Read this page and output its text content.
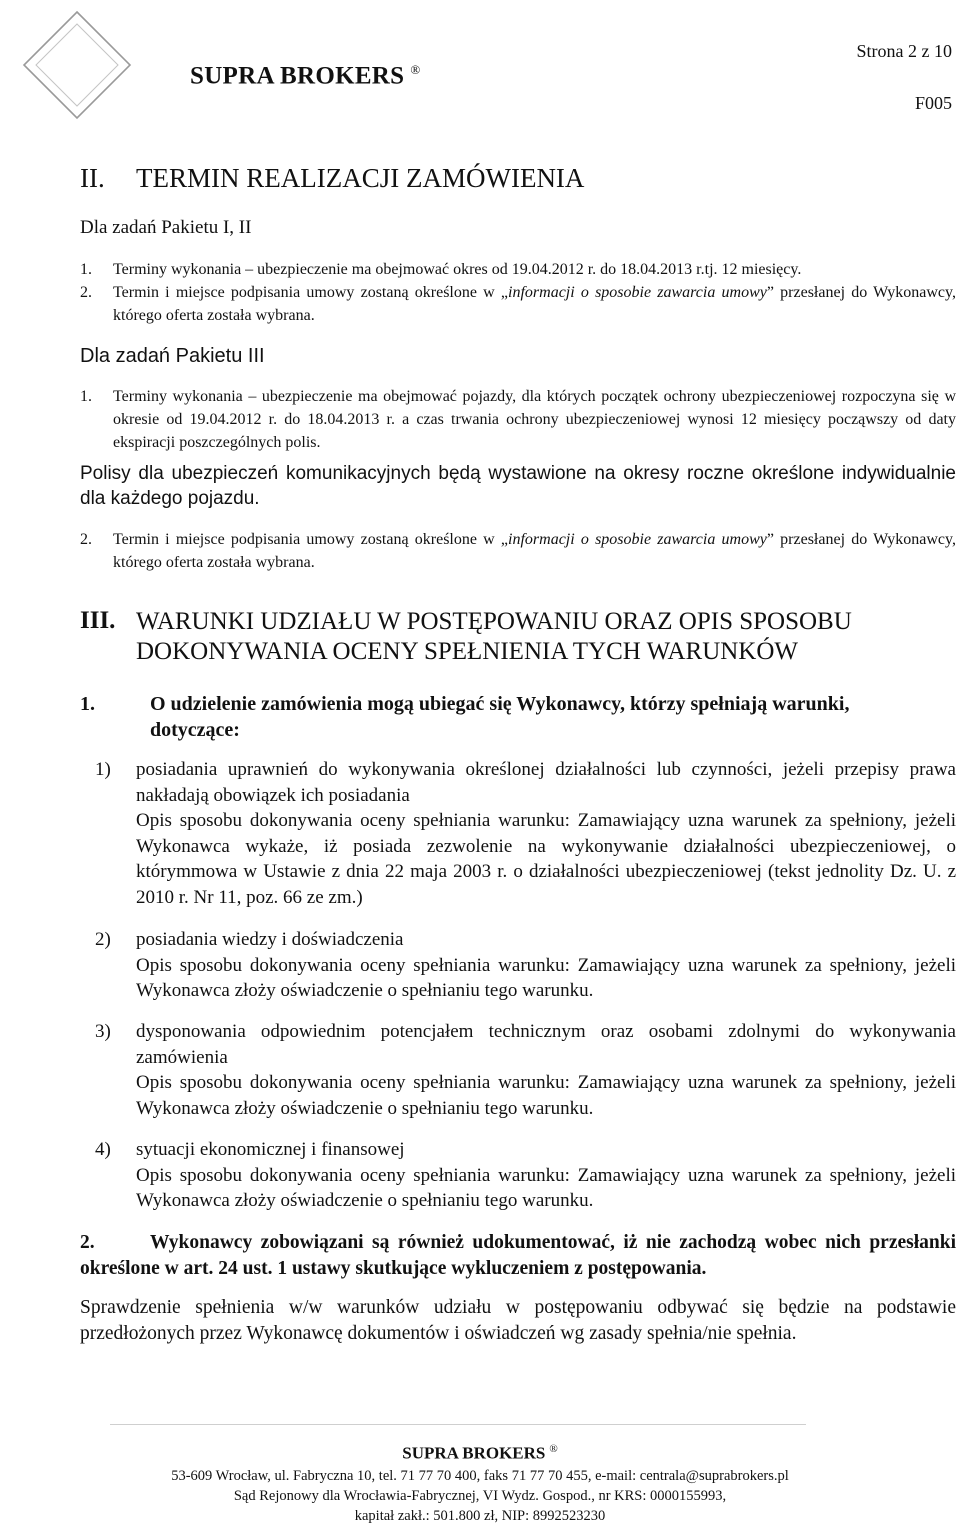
SUPRA BROKERS ®
Strona 2 z 10
F005
II. TERMIN REALIZACJI ZAMÓWIENIA
Dla zadań Pakietu I, II
1. Terminy wykonania – ubezpieczenie ma obejmować okres od 19.04.2012 r. do 18.04.2013 r.tj. 12 miesięcy.
2. Termin i miejsce podpisania umowy zostaną określone w „informacji o sposobie zawarcia umowy” przesłanej do Wykonawcy, którego oferta została wybrana.
Dla zadań Pakietu III
1. Terminy wykonania – ubezpieczenie ma obejmować pojazdy, dla których początek ochrony ubezpieczeniowej rozpoczyna się w okresie od 19.04.2012 r. do 18.04.2013 r. a czas trwania ochrony ubezpieczeniowej wynosi 12 miesięcy począwszy od daty ekspiracji poszczególnych polis.
Polisy dla ubezpieczeń komunikacyjnych będą wystawione na okresy roczne określone indywidualnie dla każdego pojazdu.
2. Termin i miejsce podpisania umowy zostaną określone w „informacji o sposobie zawarcia umowy” przesłanej do Wykonawcy, którego oferta została wybrana.
III. WARUNKI UDZIAŁU W POSTĘPOWANIU ORAZ OPIS SPOSOBU DOKONYWANIA OCENY SPEŁNIENIA TYCH WARUNKÓW
1.	O udzielenie zamówienia mogą ubiegać się Wykonawcy, którzy spełniają warunki, dotyczące:
1) posiadania uprawnień do wykonywania określonej działalności lub czynności, jeżeli przepisy prawa nakładają obowiązek ich posiadania
Opis sposobu dokonywania oceny spełniania warunku: Zamawiający uzna warunek za spełniony, jeżeli Wykonawca wykaże, iż posiada zezwolenie na wykonywanie działalności ubezpieczeniowej, o którymmowa w Ustawie z dnia 22 maja 2003 r. o działalności ubezpieczeniowej (tekst jednolity Dz. U. z 2010 r. Nr 11, poz. 66 ze zm.)
2) posiadania wiedzy i doświadczenia
Opis sposobu dokonywania oceny spełniania warunku: Zamawiający uzna warunek za spełniony, jeżeli Wykonawca złoży oświadczenie o spełnianiu tego warunku.
3) dysponowania odpowiednim potencjałem technicznym oraz osobami zdolnymi do wykonywania zamówienia
Opis sposobu dokonywania oceny spełniania warunku: Zamawiający uzna warunek za spełniony, jeżeli Wykonawca złoży oświadczenie o spełnianiu tego warunku.
4) sytuacji ekonomicznej i finansowej
Opis sposobu dokonywania oceny spełniania warunku: Zamawiający uzna warunek za spełniony, jeżeli Wykonawca złoży oświadczenie o spełnianiu tego warunku.
2.	Wykonawcy zobowiązani są również udokumentować, iż nie zachodzą wobec nich przesłanki określone w art. 24 ust. 1 ustawy skutkujące wykluczeniem z postępowania.
Sprawdzenie spełnienia w/w warunków udziału w postępowaniu odbywać się będzie na podstawie przedłożonych przez Wykonawcę dokumentów i oświadczeń wg zasady spełnia/nie spełnia.
SUPRA BROKERS ®
53-609 Wrocław, ul. Fabryczna 10, tel. 71 77 70 400, faks 71 77 70 455, e-mail: centrala@suprabrokers.pl
Sąd Rejonowy dla Wrocławia-Fabrycznej, VI Wydz. Gospod., nr KRS: 0000155993,
kapitał zakł.: 501.800 zł, NIP: 8992523230
